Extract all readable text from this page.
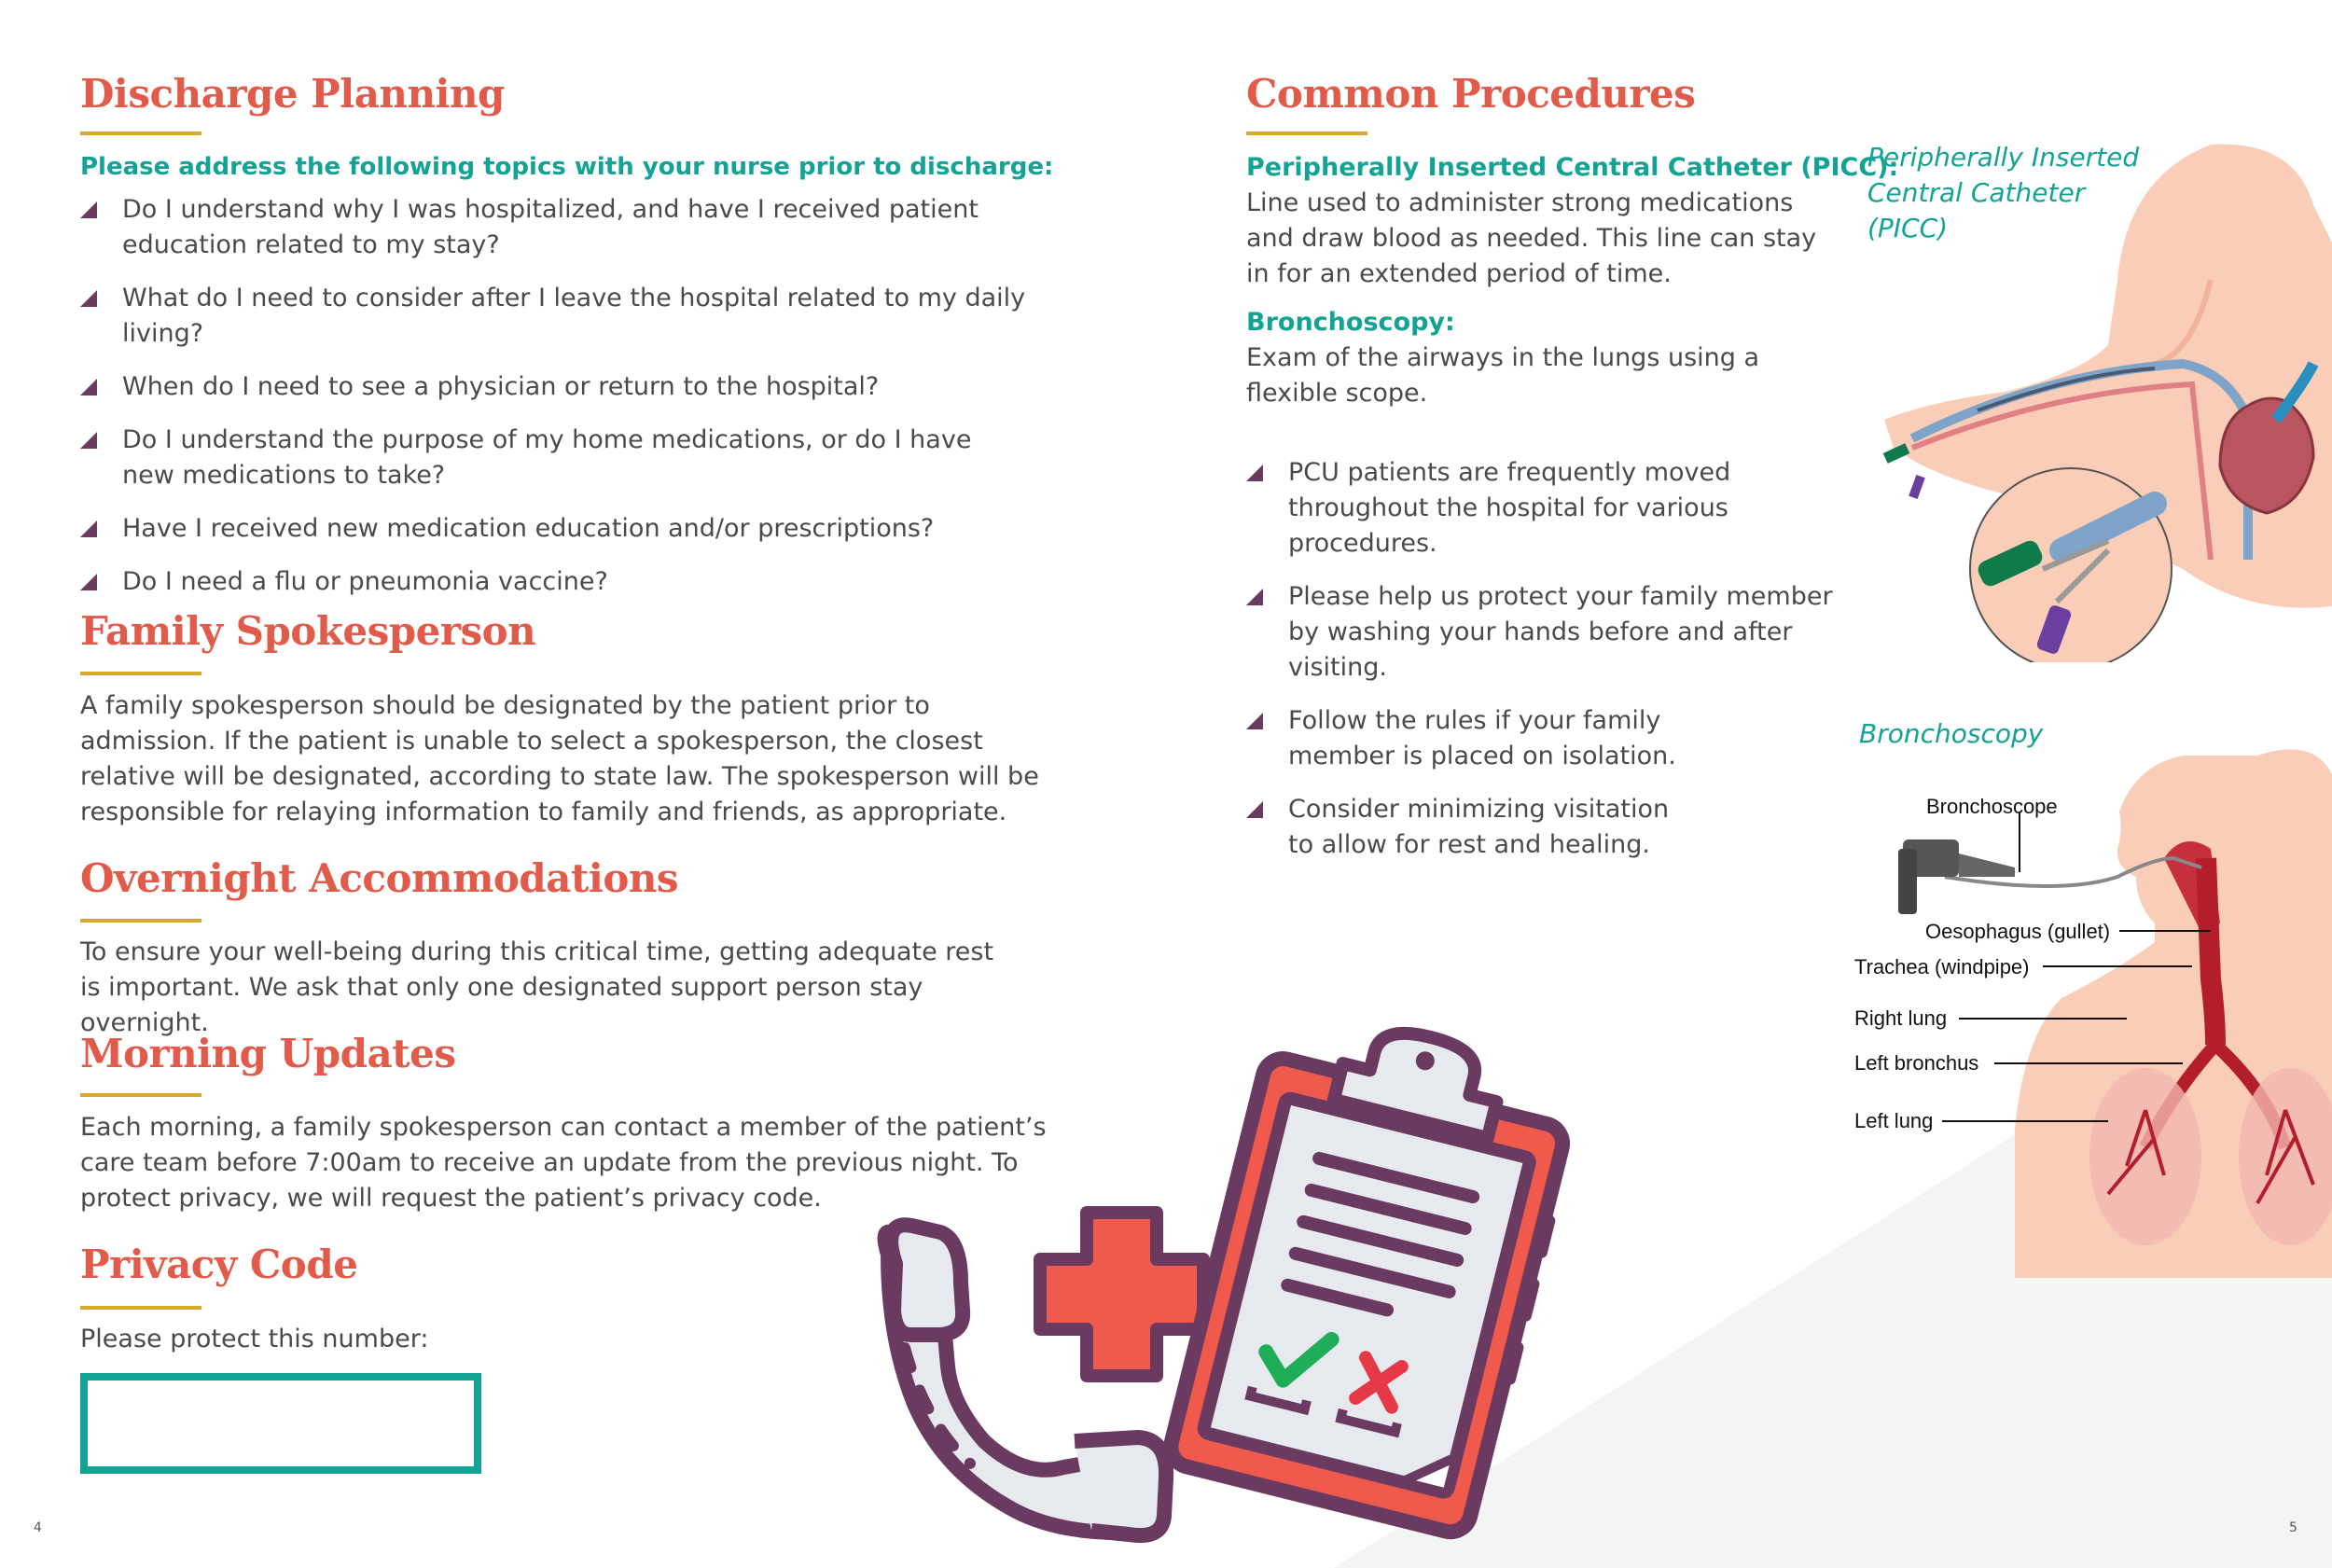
Discharge Planning

Please address the following topics with your nurse prior to discharge:

Do I understand why I was hospitalized, and have I received patient education related to my stay?
What do I need to consider after I leave the hospital related to my daily living?
When do I need to see a physician or return to the hospital?
Do I understand the purpose of my home medications, or do I have new medications to take?
Have I received new medication education and/or prescriptions?
Do I need a flu or pneumonia vaccine?
Family Spokesperson

A family spokesperson should be designated by the patient prior to admission. If the patient is unable to select a spokesperson, the closest relative will be designated, according to state law. The spokesperson will be responsible for relaying information to family and friends, as appropriate.

Overnight Accommodations

To ensure your well-being during this critical time, getting adequate rest is important. We ask that only one designated support person stay overnight.

Morning Updates

Each morning, a family spokesperson can contact a member of the patient’s care team before 7:00am to receive an update from the previous night. To protect privacy, we will request the patient’s privacy code.

Privacy Code

Please protect this number:

4
Common Procedures

Peripherally Inserted Central Catheter (PICC):

Line used to administer strong medications and draw blood as needed. This line can stay in for an extended period of time.

Bronchoscopy:

Exam of the airways in the lungs using a flexible scope.

PCU patients are frequently moved throughout the hospital for various procedures.
Please help us protect your family member by washing your hands before and after visiting.
Follow the rules if your family member is placed on isolation.
Consider minimizing visitation to allow for rest and healing.
Peripherally Inserted
Central Catheter
(PICC)
Bronchoscopy
Bronchoscope
Oesophagus (gullet)
Trachea (windpipe)
Right lung
Left bronchus
Left lung
5
